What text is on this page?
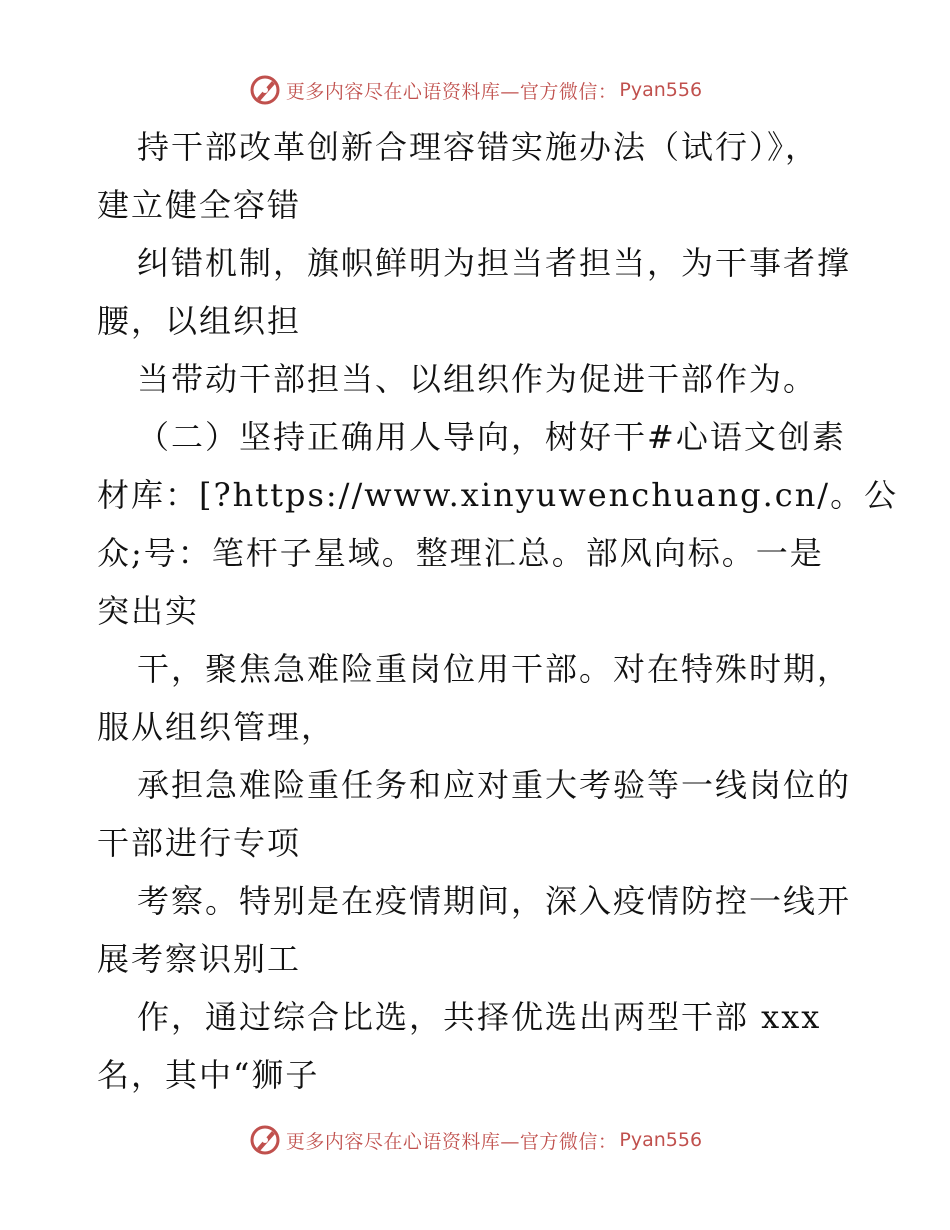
更多内容尽在心语资料库—官方微信： Pyan556
持干部改革创新合理容错实施办法（试行）》，
建立健全容错
纠错机制，旗帜鲜明为担当者担当，为干事者撑
腰，以组织担
当带动干部担当、以组织作为促进干部作为。
（二）坚持正确用人导向，树好干#心语文创素
材库：[?https://www.xinyuwenchuang.cn/。公
众;号：笔杆子星域。整理汇总。部风向标。一是
突出实
干，聚焦急难险重岗位用干部。对在特殊时期，
服从组织管理，
承担急难险重任务和应对重大考验等一线岗位的
干部进行专项
考察。特别是在疫情期间，深入疫情防控一线开
展考察识别工
作，通过综合比选，共择优选出两型干部 xxx
名，其中“狮子
更多内容尽在心语资料库—官方微信： Pyan556
